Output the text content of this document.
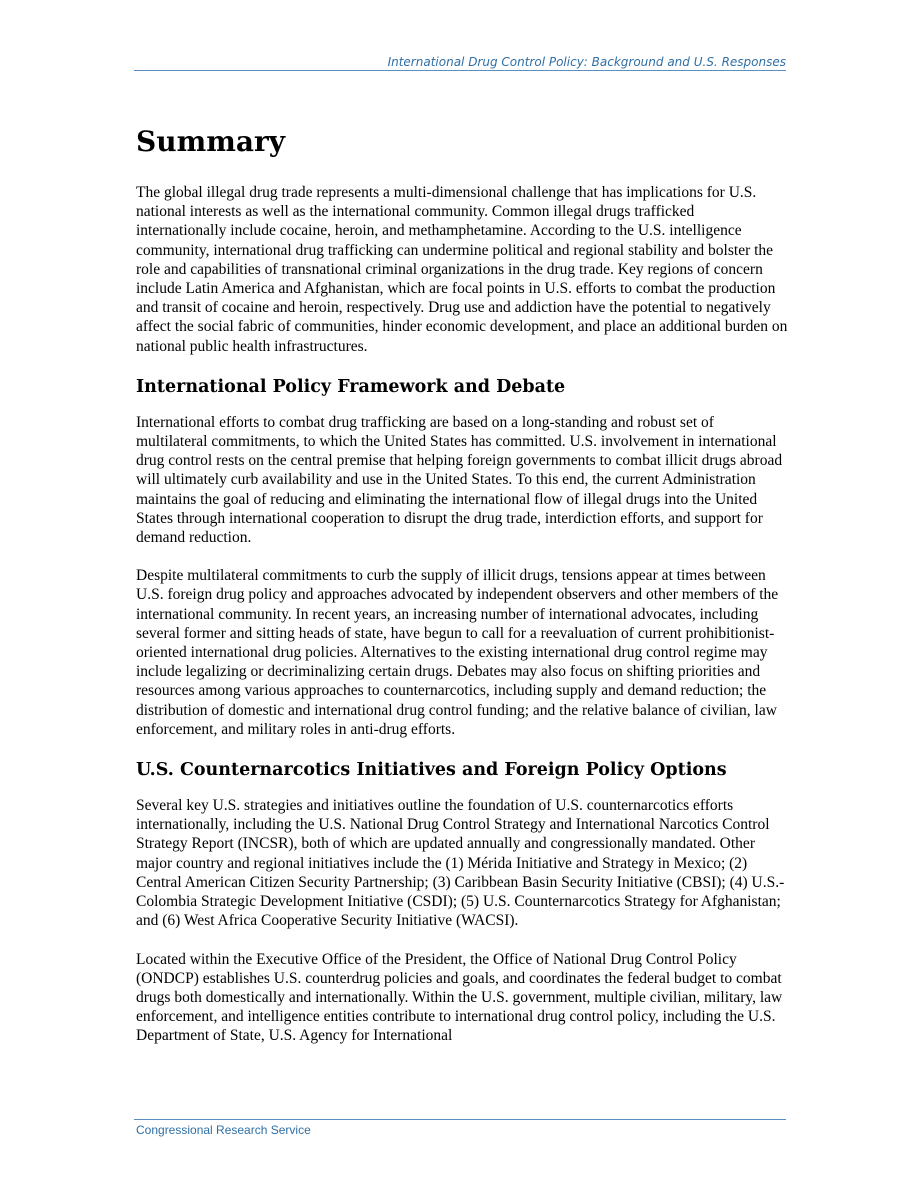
International Drug Control Policy: Background and U.S. Responses
Summary

The global illegal drug trade represents a multi-dimensional challenge that has implications for U.S. national interests as well as the international community. Common illegal drugs trafficked internationally include cocaine, heroin, and methamphetamine. According to the U.S. intelligence community, international drug trafficking can undermine political and regional stability and bolster the role and capabilities of transnational criminal organizations in the drug trade. Key regions of concern include Latin America and Afghanistan, which are focal points in U.S. efforts to combat the production and transit of cocaine and heroin, respectively. Drug use and addiction have the potential to negatively affect the social fabric of communities, hinder economic development, and place an additional burden on national public health infrastructures.

International Policy Framework and Debate

International efforts to combat drug trafficking are based on a long-standing and robust set of multilateral commitments, to which the United States has committed. U.S. involvement in international drug control rests on the central premise that helping foreign governments to combat illicit drugs abroad will ultimately curb availability and use in the United States. To this end, the current Administration maintains the goal of reducing and eliminating the international flow of illegal drugs into the United States through international cooperation to disrupt the drug trade, interdiction efforts, and support for demand reduction.

Despite multilateral commitments to curb the supply of illicit drugs, tensions appear at times between U.S. foreign drug policy and approaches advocated by independent observers and other members of the international community. In recent years, an increasing number of international advocates, including several former and sitting heads of state, have begun to call for a reevaluation of current prohibitionist-oriented international drug policies. Alternatives to the existing international drug control regime may include legalizing or decriminalizing certain drugs. Debates may also focus on shifting priorities and resources among various approaches to counternarcotics, including supply and demand reduction; the distribution of domestic and international drug control funding; and the relative balance of civilian, law enforcement, and military roles in anti-drug efforts.

U.S. Counternarcotics Initiatives and Foreign Policy Options

Several key U.S. strategies and initiatives outline the foundation of U.S. counternarcotics efforts internationally, including the U.S. National Drug Control Strategy and International Narcotics Control Strategy Report (INCSR), both of which are updated annually and congressionally mandated. Other major country and regional initiatives include the (1) Mérida Initiative and Strategy in Mexico; (2) Central American Citizen Security Partnership; (3) Caribbean Basin Security Initiative (CBSI); (4) U.S.-Colombia Strategic Development Initiative (CSDI); (5) U.S. Counternarcotics Strategy for Afghanistan; and (6) West Africa Cooperative Security Initiative (WACSI).

Located within the Executive Office of the President, the Office of National Drug Control Policy (ONDCP) establishes U.S. counterdrug policies and goals, and coordinates the federal budget to combat drugs both domestically and internationally. Within the U.S. government, multiple civilian, military, law enforcement, and intelligence entities contribute to international drug control policy, including the U.S. Department of State, U.S. Agency for International

Congressional Research Service
